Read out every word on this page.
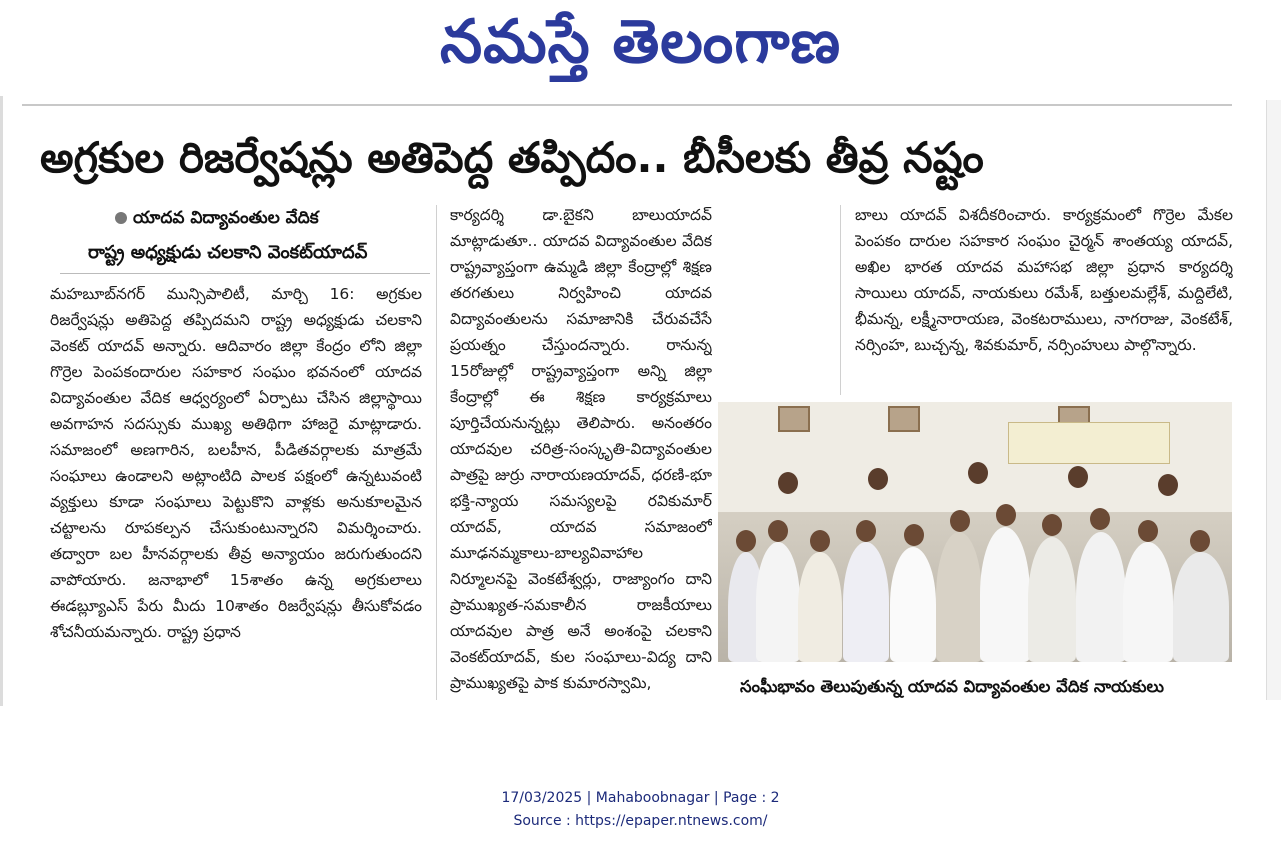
నమస్తే తెలంగాణ
అగ్రకుల రిజర్వేషన్లు అతిపెద్ద తప్పిదం.. బీసీలకు తీవ్ర నష్టం
యాదవ విద్యావంతుల వేదిక
రాష్ట్ర అధ్యక్షుడు చలకాని వెంకట్‌యాదవ్
మహబూబ్‌నగర్ మున్సిపాలిటీ, మార్చి 16: అగ్రకుల రిజర్వేషన్లు అతిపెద్ద తప్పిదమని రాష్ట్ర అధ్యక్షుడు చలకాని వెంకట్ యాదవ్ అన్నారు. ఆదివారం జిల్లా కేంద్రం లోని జిల్లా గొర్రెల పెంపకందారుల సహకార సంఘం భవనంలో యాదవ విద్యావంతుల వేదిక ఆధ్వర్యంలో ఏర్పాటు చేసిన జిల్లాస్థాయి అవగాహన సదస్సుకు ముఖ్య అతిథిగా హాజరై మాట్లాడారు. సమాజంలో అణగారిన, బలహీన, పీడితవర్గాలకు మాత్రమే సంఘాలు ఉండాలని అట్లాంటిది పాలక పక్షంలో ఉన్నటువంటి వ్యక్తులు కూడా సంఘాలు పెట్టుకొని వాళ్లకు అనుకూలమైన చట్టాలను రూపకల్పన చేసుకుంటున్నారని విమర్శించారు. తద్వారా బల హీనవర్గాలకు తీవ్ర అన్యాయం జరుగుతుందని వాపోయారు. జనాభాలో 15శాతం ఉన్న అగ్రకులాలు ఈడబ్ల్యూఎస్ పేరు మీదు 10శాతం రిజర్వేషన్లు తీసుకోవడం శోచనీయమన్నారు. రాష్ట్ర ప్రధాన
కార్యదర్శి డా.బైకని బాలుయాదవ్ మాట్లాడుతూ.. యాదవ విద్యావంతుల వేదిక రాష్ట్రవ్యాప్తంగా ఉమ్మడి జిల్లా కేంద్రాల్లో శిక్షణ తరగతులు నిర్వహించి యాదవ విద్యావంతులను సమాజానికి చేరువచేసే ప్రయత్నం చేస్తుందన్నారు. రానున్న 15రోజుల్లో రాష్ట్రవ్యాప్తంగా అన్ని జిల్లా కేంద్రాల్లో ఈ శిక్షణ కార్యక్రమాలు పూర్తిచేయనున్నట్లు తెలిపారు. అనంతరం యాదవుల చరిత్ర-సంస్కృతి-విద్యావంతుల పాత్రపై జుర్రు నారాయణయాదవ్, ధరణి-భూ భక్తి-న్యాయ సమస్యలపై రవికుమార్ యాదవ్, యాదవ సమాజంలో మూఢనమ్మకాలు-బాల్యవివాహాల నిర్మూలనపై వెంకటేశ్వర్లు, రాజ్యాంగం దాని ప్రాముఖ్యత-సమకాలీన రాజకీయాలు యాదవుల పాత్ర అనే అంశంపై చలకాని వెంకట్‌యాదవ్, కుల సంఘాలు-విద్య దాని ప్రాముఖ్యతపై పాక కుమారస్వామి,
బాలు యాదవ్ విశదీకరించారు. కార్యక్రమంలో గొర్రెల మేకల పెంపకం దారుల సహకార సంఘం చైర్మన్ శాంతయ్య యాదవ్, అఖిల భారత యాదవ మహాసభ జిల్లా ప్రధాన కార్యదర్శి సాయిలు యాదవ్, నాయకులు రమేశ్, బత్తులమల్లేశ్, మద్దిలేటి, భీమన్న, లక్ష్మీనారాయణ, వెంకటరాములు, నాగరాజు, వెంకటేశ్, నర్సింహ, బుచ్చన్న, శివకుమార్, నర్సింహులు పాల్గొన్నారు.
సంఘీభావం తెలుపుతున్న యాదవ విద్యావంతుల వేదిక నాయకులు
17/03/2025 | Mahaboobnagar | Page : 2
Source : https://epaper.ntnews.com/
